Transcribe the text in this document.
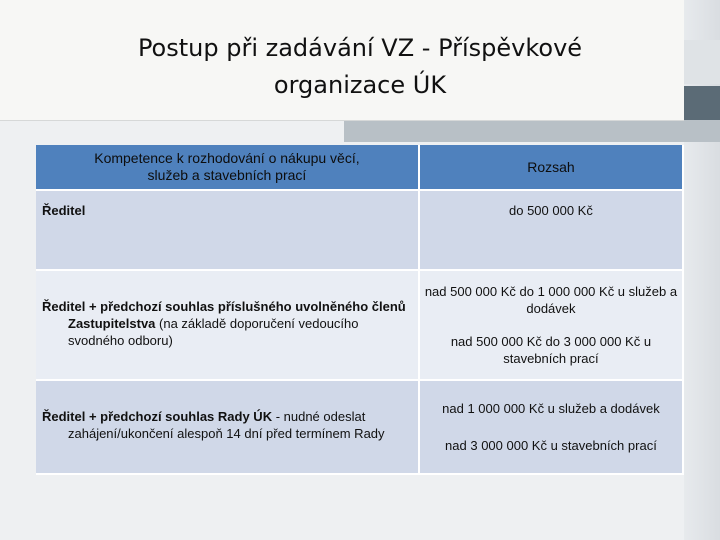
Postup při zadávání VZ - Příspěvkové
organizace ÚK
Kompetence k rozhodování o nákupu věcí, služeb a stavebních prací	Rozsah

Ředitel	do 500 000 Kč

Ředitel + předchozí souhlas příslušného uvolněného členů Zastupitelstva (na základě doporučení vedoucího svodného odboru)	nad 500 000 Kč do 1 000 000 Kč u služeb a dodávek
nad 500 000 Kč do 3 000 000 Kč u stavebních prací

Ředitel + předchozí souhlas Rady ÚK - nudné odeslat zahájení/ukončení alespoň 14 dní před termínem Rady	nad 1 000 000 Kč u služeb a dodávek
nad 3 000 000 Kč u stavebních prací
